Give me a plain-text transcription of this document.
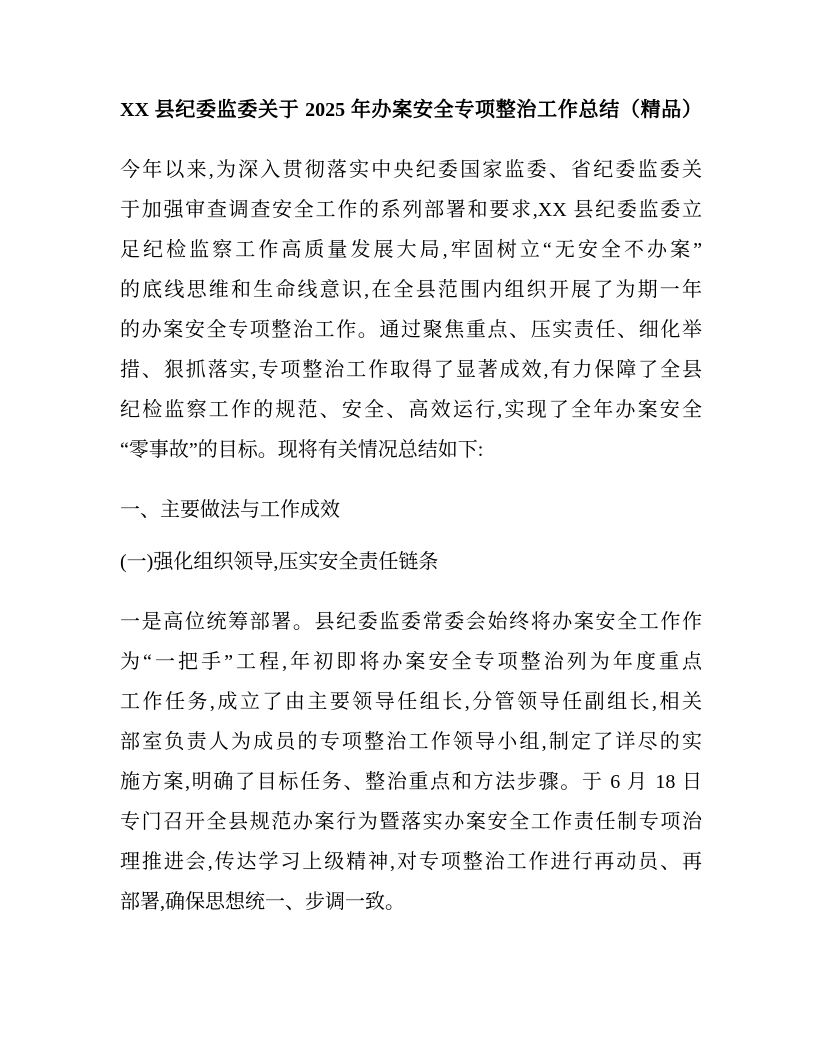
XX 县纪委监委关于 2025 年办案安全专项整治工作总结（精品）
今年以来,为深入贯彻落实中央纪委国家监委、省纪委监委关
于加强审查调查安全工作的系列部署和要求,XX 县纪委监委立
足纪检监察工作高质量发展大局,牢固树立“无安全不办案”
的底线思维和生命线意识,在全县范围内组织开展了为期一年
的办案安全专项整治工作。通过聚焦重点、压实责任、细化举
措、狠抓落实,专项整治工作取得了显著成效,有力保障了全县
纪检监察工作的规范、安全、高效运行,实现了全年办案安全
“零事故”的目标。现将有关情况总结如下:
一、主要做法与工作成效
(一)强化组织领导,压实安全责任链条
一是高位统筹部署。县纪委监委常委会始终将办案安全工作作
为“一把手”工程,年初即将办案安全专项整治列为年度重点
工作任务,成立了由主要领导任组长,分管领导任副组长,相关
部室负责人为成员的专项整治工作领导小组,制定了详尽的实
施方案,明确了目标任务、整治重点和方法步骤。于 6 月 18 日
专门召开全县规范办案行为暨落实办案安全工作责任制专项治
理推进会,传达学习上级精神,对专项整治工作进行再动员、再
部署,确保思想统一、步调一致。
